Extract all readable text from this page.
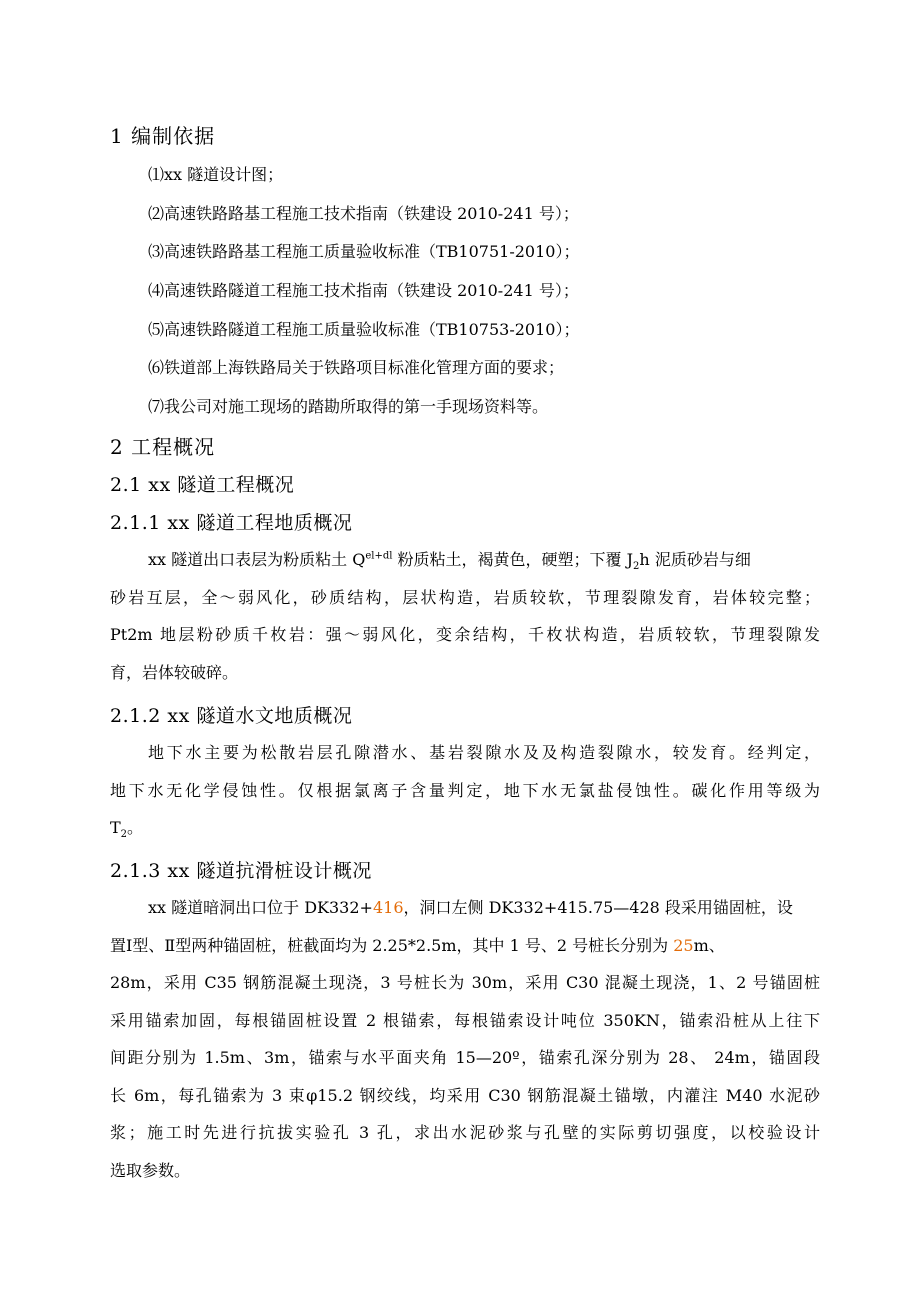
1 编制依据
⑴xx 隧道设计图；
⑵高速铁路路基工程施工技术指南（铁建设 2010-241 号）；
⑶高速铁路路基工程施工质量验收标准（TB10751-2010）；
⑷高速铁路隧道工程施工技术指南（铁建设 2010-241 号）；
⑸高速铁路隧道工程施工质量验收标准（TB10753-2010）；
⑹铁道部上海铁路局关于铁路项目标准化管理方面的要求；
⑺我公司对施工现场的踏勘所取得的第一手现场资料等。
2 工程概况
2.1 xx 隧道工程概况
2.1.1 xx 隧道工程地质概况
xx 隧道出口表层为粉质粘土 $Q^{el+dl}$ 粉质粘土，褐黄色，硬塑；下覆 $J_2h$ 泥质砂岩与细
砂岩互层，全～弱风化，砂质结构，层状构造，岩质较软，节理裂隙发育，岩体较完整；
Pt2m 地层粉砂质千枚岩：强～弱风化，变余结构，千枚状构造，岩质较软，节理裂隙发
育，岩体较破碎。
2.1.2 xx 隧道水文地质概况
地下水主要为松散岩层孔隙潜水、基岩裂隙水及及构造裂隙水，较发育。经判定，
地下水无化学侵蚀性。仅根据氯离子含量判定，地下水无氯盐侵蚀性。碳化作用等级为
$T_2$。
2.1.3 xx 隧道抗滑桩设计概况
xx 隧道暗洞出口位于 DK332+416，洞口左侧 DK332+415.75—428 段采用锚固桩，设
置Ⅰ型、Ⅱ型两种锚固桩，桩截面均为 2.25*2.5m，其中 1 号、2 号桩长分别为 25m、
28m，采用 C35 钢筋混凝土现浇，3 号桩长为 30m，采用 C30 混凝土现浇，1、2 号锚固桩
采用锚索加固，每根锚固桩设置 2 根锚索，每根锚索设计吨位 350KN，锚索沿桩从上往下
间距分别为 1.5m、3m，锚索与水平面夹角 15—20º，锚索孔深分别为 28、 24m，锚固段
长 6m，每孔锚索为 3 束φ15.2 钢绞线，均采用 C30 钢筋混凝土锚墩，内灌注 M40 水泥砂
浆；施工时先进行抗拔实验孔 3 孔，求出水泥砂浆与孔壁的实际剪切强度，以校验设计
选取参数。
